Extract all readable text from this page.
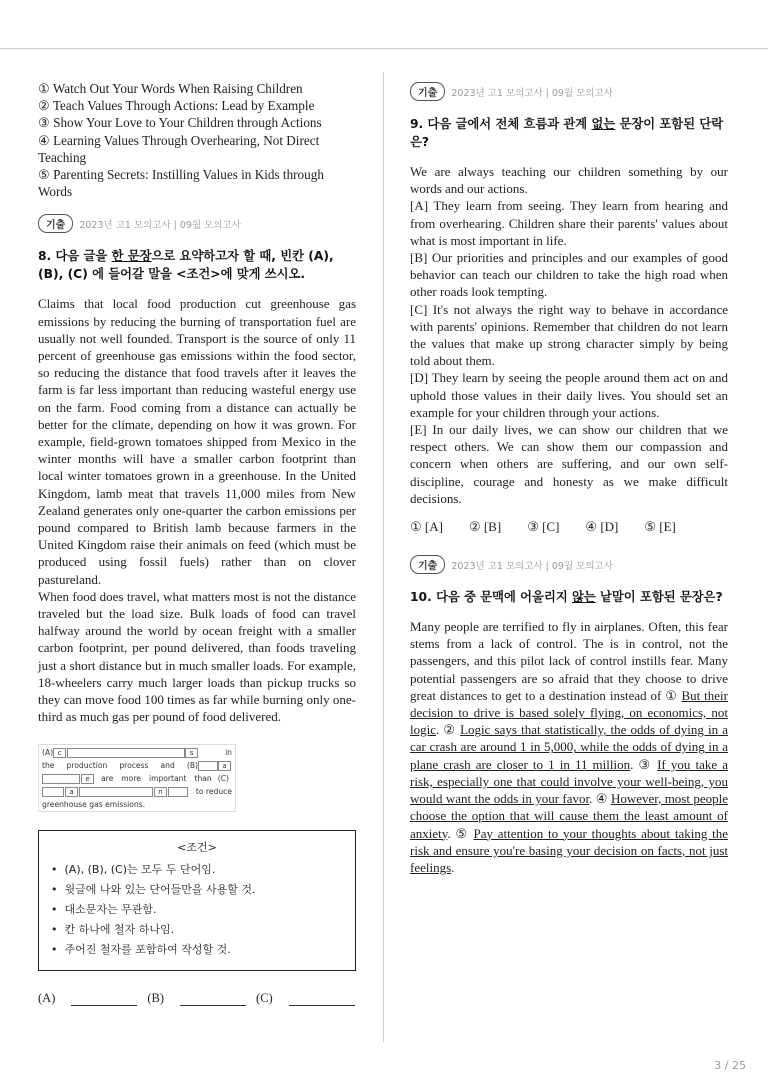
① Watch Out Your Words When Raising Children
② Teach Values Through Actions: Lead by Example
③ Show Your Love to Your Children through Actions
④ Learning Values Through Overhearing, Not Direct Teaching
⑤ Parenting Secrets: Instilling Values in Kids through Words
기출	2023년 고1 모의고사 | 09월 모의고사
8. 다음 글을 한 문장으로 요약하고자 할 때, 빈칸 (A), (B), (C) 에 들어갈 말을 <조건>에 맞게 쓰시오.

Claims that local food production cut greenhouse gas emissions by reducing the burning of transportation fuel are usually not well founded. Transport is the source of only 11 percent of greenhouse gas emissions within the food sector, so reducing the distance that food travels after it leaves the farm is far less important than reducing wasteful energy use on the farm. Food coming from a distance can actually be better for the climate, depending on how it was grown. For example, field-grown tomatoes shipped from Mexico in the winter months will have a smaller carbon footprint than local winter tomatoes grown in a greenhouse. In the United Kingdom, lamb meat that travels 11,000 miles from New Zealand generates only one-quarter the carbon emissions per pound compared to British lamb because farmers in the United Kingdom raise their animals on feed (which must be produced using fossil fuels) rather than on clover pastureland.

When food does travel, what matters most is not the distance traveled but the load size. Bulk loads of food can travel halfway around the world by ocean freight with a smaller carbon footprint, per pound delivered, than foods traveling just a short distance but in much smaller loads. For example, 18-wheelers carry much larger loads than pickup trucks so they can move food 100 times as far while burning only one-third as much gas per pound of food delivered.

(A) c	s	in
the production process and (B)	a
e	are more important than (C)
a	n	to reduce
greenhouse gas emissions.
<조건>
• (A), (B), (C)는 모두 두 단어임.
• 윗글에 나와 있는 단어들만을 사용할 것.
• 대소문자는 무관함.
• 칸 하나에 철자 하나임.
• 주어진 철자를 포함하여 작성할 것.
(A)	(B)	(C)
기출	2023년 고1 모의고사 | 09월 모의고사
9. 다음 글에서 전체 흐름과 관계 없는 문장이 포함된 단락은?

We are always teaching our children something by our words and our actions.

[A] They learn from seeing. They learn from hearing and from overhearing. Children share their parents' values about what is most important in life.

[B] Our priorities and principles and our examples of good behavior can teach our children to take the high road when other roads look tempting.

[C] It's not always the right way to behave in accordance with parents' opinions. Remember that children do not learn the values that make up strong character simply by being told about them.

[D] They learn by seeing the people around them act on and uphold those values in their daily lives. You should set an example for your children through your actions.

[E] In our daily lives, we can show our children that we respect others. We can show them our compassion and concern when others are suffering, and our own self-discipline, courage and honesty as we make difficult decisions.

① [A] ② [B] ③ [C] ④ [D] ⑤ [E]
기출	2023년 고1 모의고사 | 09월 모의고사
10. 다음 중 문맥에 어울리지 않는 낱말이 포함된 문장은?
Many people are terrified to fly in airplanes. Often, this fear stems from a lack of control. The is in control, not the passengers, and this pilot lack of control instills fear. Many potential passengers are so afraid that they choose to drive great distances to get to a destination instead of ① But their decision to drive is based solely flying, on economics, not logic. ② Logic says that statistically, the odds of dying in a car crash are around 1 in 5,000, while the odds of dying in a plane crash are closer to 1 in 11 million. ③ If you take a risk, especially one that could involve your well-being, you would want the odds in your favor. ④ However, most people choose the option that will cause them the least amount of anxiety. ⑤ Pay attention to your thoughts about taking the risk and ensure you're basing your decision on facts, not just feelings.
3 / 25
